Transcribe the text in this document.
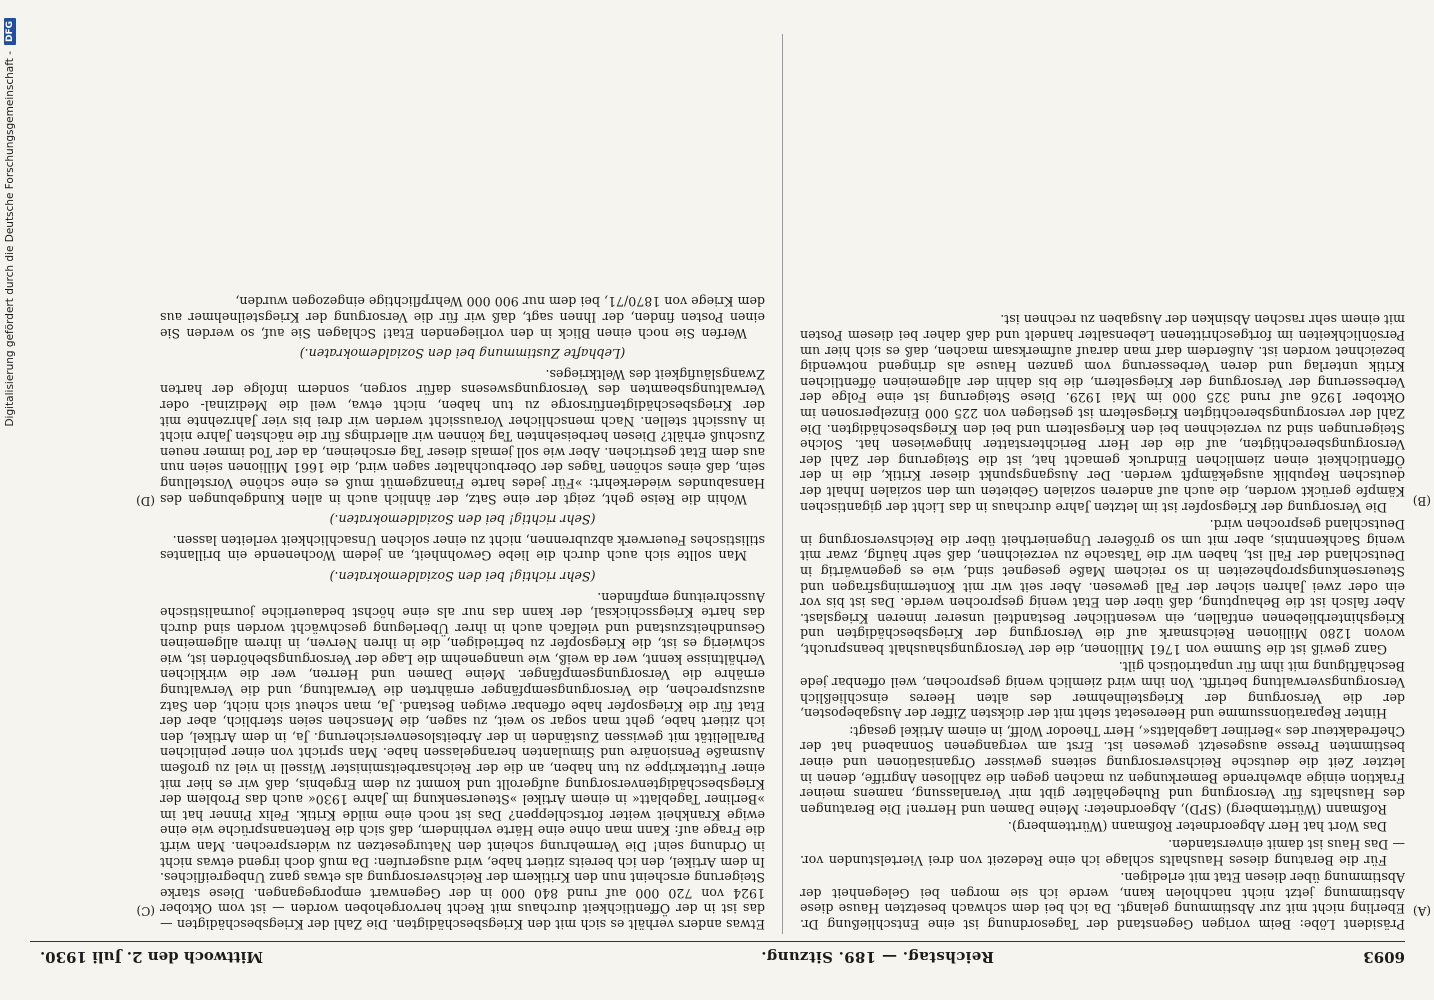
6093
Reichstag. — 189. Sitzung.
Mittwoch den 2. Juli 1930.
(A)
(B)
(C)
(D)

Präsident Löbe: Beim vorigen Gegenstand der Tagesordnung ist eine Entschließung Dr. Eberling nicht mit zur Abstimmung gelangt. Da ich bei dem schwach besetzten Hause diese Abstimmung jetzt nicht nachholen kann, werde ich sie morgen bei Gelegenheit der Abstimmung über diesen Etat mit erledigen.

Für die Beratung dieses Haushalts schlage ich eine Redezeit von drei Viertelstunden vor. — Das Haus ist damit einverstanden.

Das Wort hat Herr Abgeordneter Roßmann (Württemberg).

Roßmann (Württemberg) (SPD), Abgeordneter: Meine Damen und Herren! Die Beratungen des Haushalts für Versorgung und Ruhegehälter gibt mir Veranlassung, namens meiner Fraktion einige abwehrende Bemerkungen zu machen gegen die zahllosen Angriffe, denen in letzter Zeit die deutsche Reichsversorgung seitens gewisser Organisationen und einer bestimmten Presse ausgesetzt gewesen ist. Erst am vergangenen Sonnabend hat der Chefredakteur des »Berliner Lageblatts«, Herr Theodor Wolff, in einem Artikel gesagt:

Hinter Reparationssumme und Heeresetat steht mit der dicksten Ziffer der Ausgabeposten, der die Versorgung der Kriegsteilnehmer des alten Heeres einschließlich Versorgungsverwaltung betrifft. Von ihm wird ziemlich wenig gesprochen, weil offenbar jede Beschäftigung mit ihm für unpatriotisch gilt.

Ganz gewiß ist die Summe von 1761 Millionen, die der Versorgungshaushalt beansprucht, wovon 1280 Millionen Reichsmark auf die Versorgung der Kriegsbeschädigten und Kriegshinterbliebenen entfallen, ein wesentlicher Bestandteil unserer inneren Kriegslast. Aber falsch ist die Behauptung, daß über den Etat wenig gesprochen werde. Das ist bis vor ein oder zwei Jahren sicher der Fall gewesen. Aber seit wir mit Kontermingsfragen und Steuersenkungsprophezeiten in so reichem Maße gesegnet sind, wie es gegenwärtig in Deutschland der Fall ist, haben wir die Tatsache zu verzeichnen, daß sehr häufig, zwar mit wenig Sachkenntnis, aber mit um so größerer Ungeniertheit über die Reichsversorgung in Deutschland gesprochen wird.

Die Versorgung der Kriegsopfer ist im letzten Jahre durchaus in das Licht der gigantischen Kämpfe gerückt worden, die auch auf anderen sozialen Gebieten um den sozialen Inhalt der deutschen Republik ausgekämpft werden. Der Ausgangspunkt dieser Kritik, die in der Öffentlichkeit einen ziemlichen Eindruck gemacht hat, ist die Steigerung der Zahl der Versorgungsberechtigten, auf die der Herr Berichterstatter hingewiesen hat. Solche Steigerungen sind zu verzeichnen bei den Kriegseltern und bei den Kriegsbeschädigten. Die Zahl der versorgungsberechtigten Kriegseltern ist gestiegen von 225 000 Einzelpersonen im Oktober 1926 auf rund 325 000 im Mai 1929. Diese Steigerung ist eine Folge der Verbesserung der Versorgung der Kriegseltern, die bis dahin der allgemeinen öffentlichen Kritik unterlag und deren Verbesserung vom ganzen Hause als dringend notwendig bezeichnet worden ist. Außerdem darf man darauf aufmerksam machen, daß es sich hier um Persönlichkeiten im fortgeschrittenen Lebensalter handelt und daß daher bei diesem Posten mit einem sehr raschen Absinken der Ausgaben zu rechnen ist.

Etwas anders verhält es sich mit den Kriegsbeschädigten. Die Zahl der Kriegsbeschädigten — das ist in der Öffentlichkeit durchaus mit Recht hervorgehoben worden — ist vom Oktober 1924 von 720 000 auf rund 840 000 in der Gegenwart emporgegangen. Diese starke Steigerung erscheint nun den Kritikern der Reichsversorgung als etwas ganz Unbegreifliches. In dem Artikel, den ich bereits zitiert habe, wird ausgerufen: Da muß doch irgend etwas nicht in Ordnung sein! Die Vermehrung scheint den Naturgesetzen zu widersprechen. Man wirft die Frage auf: Kann man ohne eine Härte verhindern, daß sich die Rentenansprüche wie eine ewige Krankheit weiter fortschleppen? Das ist noch eine milde Kritik. Felix Pinner hat im »Berliner Tageblatt« in einem Artikel »Steuersenkung im Jahre 1930« auch das Problem der Kriegsbeschädigtenversorgung aufgerollt und kommt zu dem Ergebnis, daß wir es hier mit einer Futterkrippe zu tun haben, an die der Reichsarbeitsminister Wissell in viel zu großem Ausmaße Pensionäre und Simulanten herangelassen habe. Man spricht von einer peinlichen Parallelität mit gewissen Zuständen in der Arbeitslosenversicherung. Ja, in dem Artikel, den ich zitiert habe, geht man sogar so weit, zu sagen, die Menschen seien sterblich, aber der Etat für die Kriegsopfer habe offenbar ewigen Bestand. Ja, man scheut sich nicht, den Satz auszusprechen, die Versorgungsempfänger ernährten die Verwaltung, und die Verwaltung ernähre die Versorgungsempfänger. Meine Damen und Herren, wer die wirklichen Verhältnisse kennt, wer da weiß, wie unangenehm die Lage der Versorgungsbehörden ist, wie schwierig es ist, die Kriegsopfer zu befriedigen, die in ihren Nerven, in ihrem allgemeinen Gesundheitszustand und vielfach auch in ihrer Überlegung geschwächt worden sind durch das harte Kriegsschicksal, der kann das nur als eine höchst bedauerliche journalistische Ausschreitung empfinden.

(Sehr richtig! bei den Sozialdemokraten.)

Man sollte sich auch durch die liebe Gewohnheit, an jedem Wochenende ein brillantes stilistisches Feuerwerk abzubrennen, nicht zu einer solchen Unsachlichkeit verleiten lassen.

(Sehr richtig! bei den Sozialdemokraten.)

Wohin die Reise geht, zeigt der eine Satz, der ähnlich auch in allen Kundgebungen des Hansabundes wiederkehrt: »Für jedes harte Finanzgemüt muß es eine schöne Vorstellung sein, daß eines schönen Tages der Oberbuchhalter sagen wird, die 1661 Millionen seien nun aus dem Etat gestrichen. Aber wie soll jemals dieser Tag erscheinen, da der Tod immer neuen Zuschuß erhält? Diesen herbeisehnten Tag können wir allerdings für die nächsten Jahre nicht in Aussicht stellen. Nach menschlicher Voraussicht werden wir drei bis vier Jahrzehnte mit der Kriegsbeschädigtenfürsorge zu tun haben, nicht etwa, weil die Medizinal- oder Verwaltungsbeamten des Versorgungswesens dafür sorgen, sondern infolge der harten Zwangsläufigkeit des Weltkrieges.

(Lebhafte Zustimmung bei den Sozialdemokraten.)

Werfen Sie noch einen Blick in den vorliegenden Etat! Schlagen Sie auf, so werden Sie einen Posten finden, der Ihnen sagt, daß wir für die Versorgung der Kriegsteilnehmer aus dem Kriege von 1870/71, bei dem nur 900 000 Wehrpflichtige eingezogen wurden,

Digitalisierung gefördert durch die Deutsche Forschungsgemeinschaft -
DFG
